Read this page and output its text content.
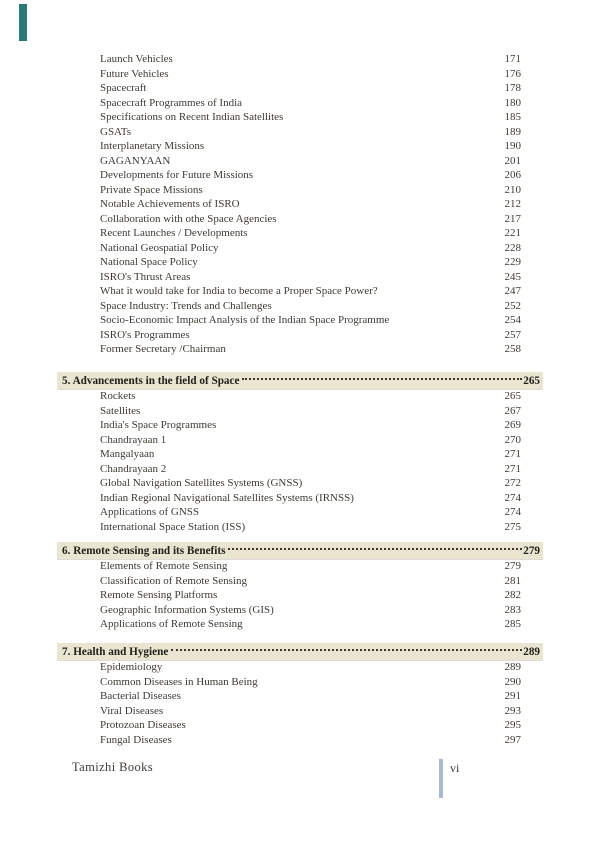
Launch Vehicles	171
Future Vehicles	176
Spacecraft	178
Spacecraft Programmes of India	180
Specifications on Recent Indian Satellites	185
GSATs	189
Interplanetary Missions	190
GAGANYAAN	201
Developments for Future Missions	206
Private Space Missions	210
Notable Achievements of ISRO	212
Collaboration with othe Space Agencies	217
Recent Launches / Developments	221
National Geospatial Policy	228
National Space Policy	229
ISRO's Thrust Areas	245
What it would take for India to become a Proper Space Power?	247
Space Industry: Trends and Challenges	252
Socio-Economic Impact Analysis of the Indian Space Programme	254
ISRO's Programmes	257
Former Secretary /Chairman	258
5. Advancements in the field of Space	265
Rockets	265
Satellites	267
India's Space Programmes	269
Chandrayaan 1	270
Mangalyaan	271
Chandrayaan 2	271
Global Navigation Satellites Systems (GNSS)	272
Indian Regional Navigational Satellites Systems (IRNSS)	274
Applications of GNSS	274
International Space Station (ISS)	275
6. Remote Sensing and its Benefits	279
Elements of Remote Sensing	279
Classification of Remote Sensing	281
Remote Sensing Platforms	282
Geographic Information Systems (GIS)	283
Applications of Remote Sensing	285
7. Health and Hygiene	289
Epidemiology	289
Common Diseases in Human Being	290
Bacterial Diseases	291
Viral Diseases	293
Protozoan Diseases	295
Fungal Diseases	297
Tamizhi Books	vi
